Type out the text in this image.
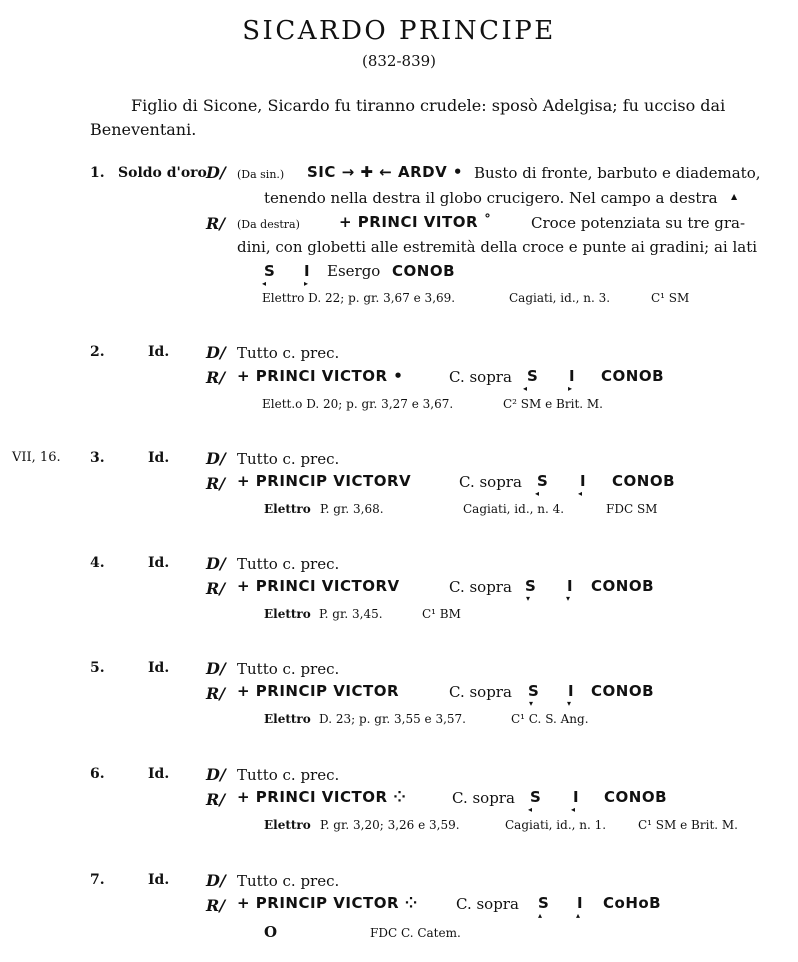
SICARDO PRINCIPE
(832-839)
Figlio di Sicone, Sicardo fu tiranno crudele: sposò Adelgisa; fu ucciso dai
Beneventani.
1. Soldo d'oro.
D/ (Da sin.) SIC → ✚ ← ARDV • Busto di fronte, barbuto e diademato,
tenendo nella destra il globo crucigero. Nel campo a destra ▲
R/ (Da destra)	+ PRINCI VITOR ˚	Croce potenziata su tre gra-
dini, con globetti alle estremità della croce e punte ai gradini; ai lati
S
◂
I
▸
Esergo CONOB
Elettro D. 22; p. gr. 3,67 e 3,69.	Cagiati, id., n. 3.	C¹ SM
2.	Id. D/ Tutto c. prec.
R/ + PRINCI VICTOR •	C. sopra S
◂
I
▸
CONOB
Elett.o D. 20; p. gr. 3,27 e 3,67.	C² SM e Brit. M.
VII, 16. 3.	Id. D/ Tutto c. prec.
R/ + PRINCIP VICTORV	C. sopra S
◂
I
◂
CONOB
Elettro P. gr. 3,68.	Cagiati, id., n. 4.	FDC SM
4.	Id. D/ Tutto c. prec.
R/ + PRINCI VICTORV	C. sopra S
▾
I
▾
CONOB
Elettro P. gr. 3,45.	C¹ BM
5.	Id. D/ Tutto c. prec.
R/ + PRINCIP VICTOR	C. sopra S
▾
I
▾
CONOB
Elettro D. 23; p. gr. 3,55 e 3,57.	C¹ C. S. Ang.
6.	Id. D/ Tutto c. prec.
R/ + PRINCI VICTOR ⁘	C. sopra S
◂
I
◂
CONOB
Elettro P. gr. 3,20; 3,26 e 3,59.	Cagiati, id., n. 1.	C¹ SM e Brit. M.
7.	Id. D/ Tutto c. prec.
R/ + PRINCIP VICTOR ⁘	C. sopra S
▴
I
▴
CoHoB
O	FDC C. Catem.
